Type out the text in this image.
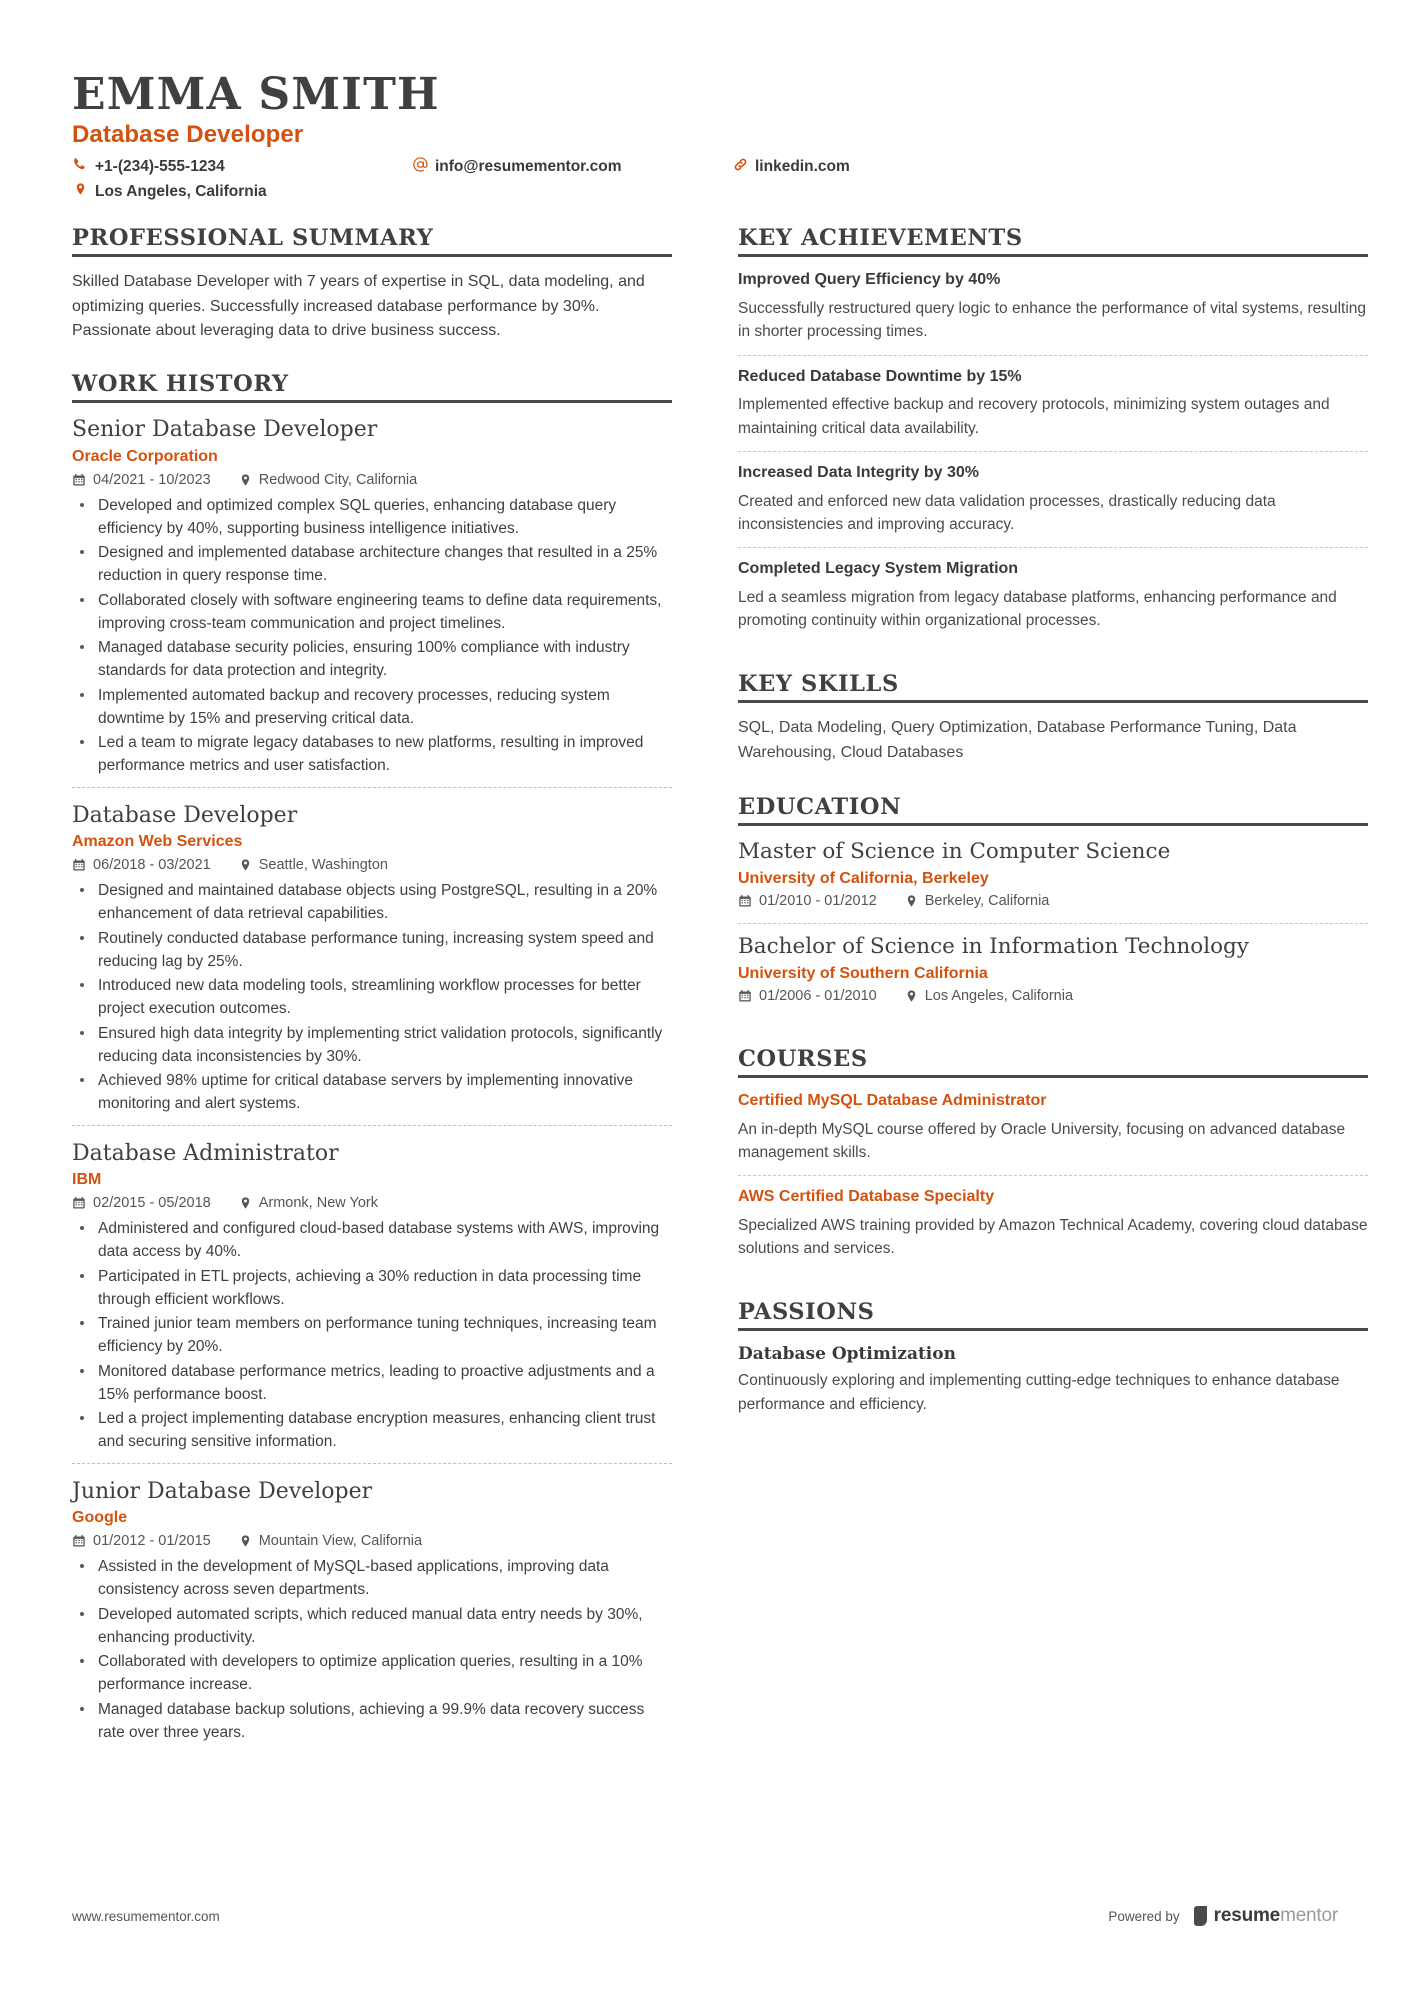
EMMA SMITH
Database Developer
+1-(234)-555-1234	info@resumementor.com	linkedin.com
Los Angeles, California
PROFESSIONAL SUMMARY

Skilled Database Developer with 7 years of expertise in SQL, data modeling, and optimizing queries. Successfully increased database performance by 30%. Passionate about leveraging data to drive business success.

WORK HISTORY
Senior Database Developer
Oracle Corporation
04/2021 - 10/2023	Redwood City, California
Developed and optimized complex SQL queries, enhancing database query efficiency by 40%, supporting business intelligence initiatives.
Designed and implemented database architecture changes that resulted in a 25% reduction in query response time.
Collaborated closely with software engineering teams to define data requirements, improving cross-team communication and project timelines.
Managed database security policies, ensuring 100% compliance with industry standards for data protection and integrity.
Implemented automated backup and recovery processes, reducing system downtime by 15% and preserving critical data.
Led a team to migrate legacy databases to new platforms, resulting in improved performance metrics and user satisfaction.
Database Developer
Amazon Web Services
06/2018 - 03/2021	Seattle, Washington
Designed and maintained database objects using PostgreSQL, resulting in a 20% enhancement of data retrieval capabilities.
Routinely conducted database performance tuning, increasing system speed and reducing lag by 25%.
Introduced new data modeling tools, streamlining workflow processes for better project execution outcomes.
Ensured high data integrity by implementing strict validation protocols, significantly reducing data inconsistencies by 30%.
Achieved 98% uptime for critical database servers by implementing innovative monitoring and alert systems.
Database Administrator
IBM
02/2015 - 05/2018	Armonk, New York
Administered and configured cloud-based database systems with AWS, improving data access by 40%.
Participated in ETL projects, achieving a 30% reduction in data processing time through efficient workflows.
Trained junior team members on performance tuning techniques, increasing team efficiency by 20%.
Monitored database performance metrics, leading to proactive adjustments and a 15% performance boost.
Led a project implementing database encryption measures, enhancing client trust and securing sensitive information.
Junior Database Developer
Google
01/2012 - 01/2015	Mountain View, California
Assisted in the development of MySQL-based applications, improving data consistency across seven departments.
Developed automated scripts, which reduced manual data entry needs by 30%, enhancing productivity.
Collaborated with developers to optimize application queries, resulting in a 10% performance increase.
Managed database backup solutions, achieving a 99.9% data recovery success rate over three years.
KEY ACHIEVEMENTS
Improved Query Efficiency by 40%
Successfully restructured query logic to enhance the performance of vital systems, resulting in shorter processing times.
Reduced Database Downtime by 15%
Implemented effective backup and recovery protocols, minimizing system outages and maintaining critical data availability.
Increased Data Integrity by 30%
Created and enforced new data validation processes, drastically reducing data inconsistencies and improving accuracy.
Completed Legacy System Migration
Led a seamless migration from legacy database platforms, enhancing performance and promoting continuity within organizational processes.
KEY SKILLS
SQL, Data Modeling, Query Optimization, Database Performance Tuning, Data Warehousing, Cloud Databases
EDUCATION
Master of Science in Computer Science
University of California, Berkeley
01/2010 - 01/2012	Berkeley, California
Bachelor of Science in Information Technology
University of Southern California
01/2006 - 01/2010	Los Angeles, California
COURSES
Certified MySQL Database Administrator
An in-depth MySQL course offered by Oracle University, focusing on advanced database management skills.
AWS Certified Database Specialty
Specialized AWS training provided by Amazon Technical Academy, covering cloud database solutions and services.
PASSIONS
Database Optimization
Continuously exploring and implementing cutting-edge techniques to enhance database performance and efficiency.
www.resumementor.com	Powered by resumementor
